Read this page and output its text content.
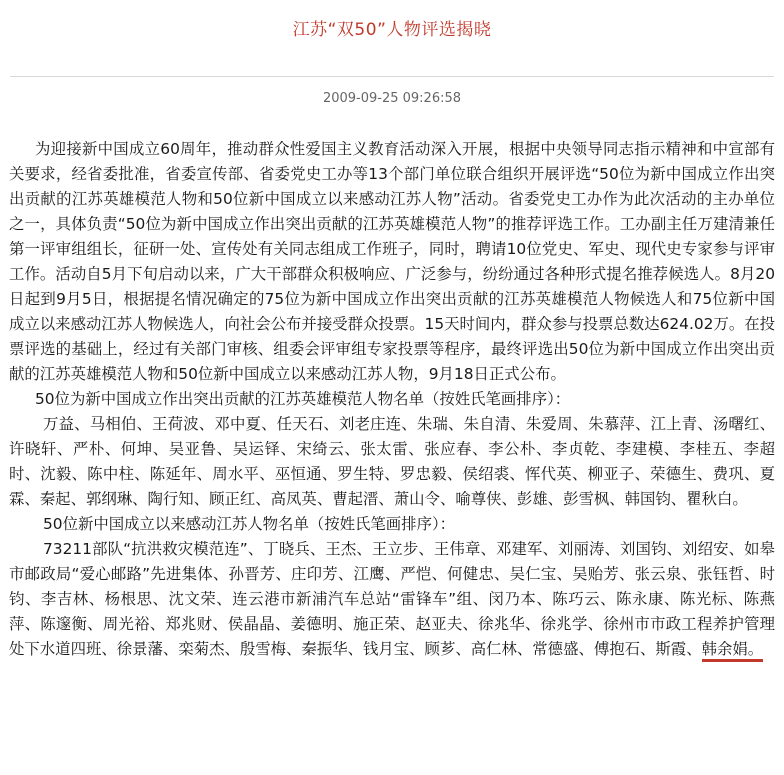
江苏“双50”人物评选揭晓
2009-09-25 09:26:58

为迎接新中国成立60周年，推动群众性爱国主义教育活动深入开展，根据中央领导同志指示精神和中宣部有关要求，经省委批准，省委宣传部、省委党史工办等13个部门单位联合组织开展评选“50位为新中国成立作出突出贡献的江苏英雄模范人物和50位新中国成立以来感动江苏人物”活动。省委党史工办作为此次活动的主办单位之一，具体负责“50位为新中国成立作出突出贡献的江苏英雄模范人物”的推荐评选工作。工办副主任万建清兼任第一评审组组长，征研一处、宣传处有关同志组成工作班子，同时，聘请10位党史、军史、现代史专家参与评审工作。活动自5月下旬启动以来，广大干部群众积极响应、广泛参与，纷纷通过各种形式提名推荐候选人。8月20日起到9月5日，根据提名情况确定的75位为新中国成立作出突出贡献的江苏英雄模范人物候选人和75位新中国成立以来感动江苏人物候选人，向社会公布并接受群众投票。15天时间内，群众参与投票总数达624.02万。在投票评选的基础上，经过有关部门审核、组委会评审组专家投票等程序，最终评选出50位为新中国成立作出突出贡献的江苏英雄模范人物和50位新中国成立以来感动江苏人物，9月18日正式公布。

50位为新中国成立作出突出贡献的江苏英雄模范人物名单（按姓氏笔画排序）：

万益、马相伯、王荷波、邓中夏、任天石、刘老庄连、朱瑞、朱自清、朱爱周、朱慕萍、江上青、汤曙红、许晓轩、严朴、何坤、吴亚鲁、吴运铎、宋绮云、张太雷、张应春、李公朴、李贞乾、李建模、李桂五、李超时、沈毅、陈中柱、陈延年、周水平、巫恒通、罗生特、罗忠毅、侯绍裘、恽代英、柳亚子、荣德生、费巩、夏霖、秦起、郭纲琳、陶行知、顾正红、高凤英、曹起溍、萧山令、喻尊侠、彭雄、彭雪枫、韩国钧、瞿秋白。

50位新中国成立以来感动江苏人物名单（按姓氏笔画排序）：

73211部队“抗洪救灾模范连”、丁晓兵、王杰、王立步、王伟章、邓建军、刘丽涛、刘国钧、刘绍安、如皋市邮政局“爱心邮路”先进集体、孙晋芳、庄印芳、江鹰、严恺、何健忠、吴仁宝、吴贻芳、张云泉、张钰哲、时钧、李吉林、杨根思、沈文荣、连云港市新浦汽车总站“雷锋车”组、闵乃本、陈巧云、陈永康、陈光标、陈燕萍、陈邃衡、周光裕、郑兆财、侯晶晶、姜德明、施正荣、赵亚夫、徐兆华、徐兆学、徐州市市政工程养护管理处下水道四班、徐景藩、栾菊杰、殷雪梅、秦振华、钱月宝、顾芗、高仁林、常德盛、傅抱石、斯霞、韩余娟。
